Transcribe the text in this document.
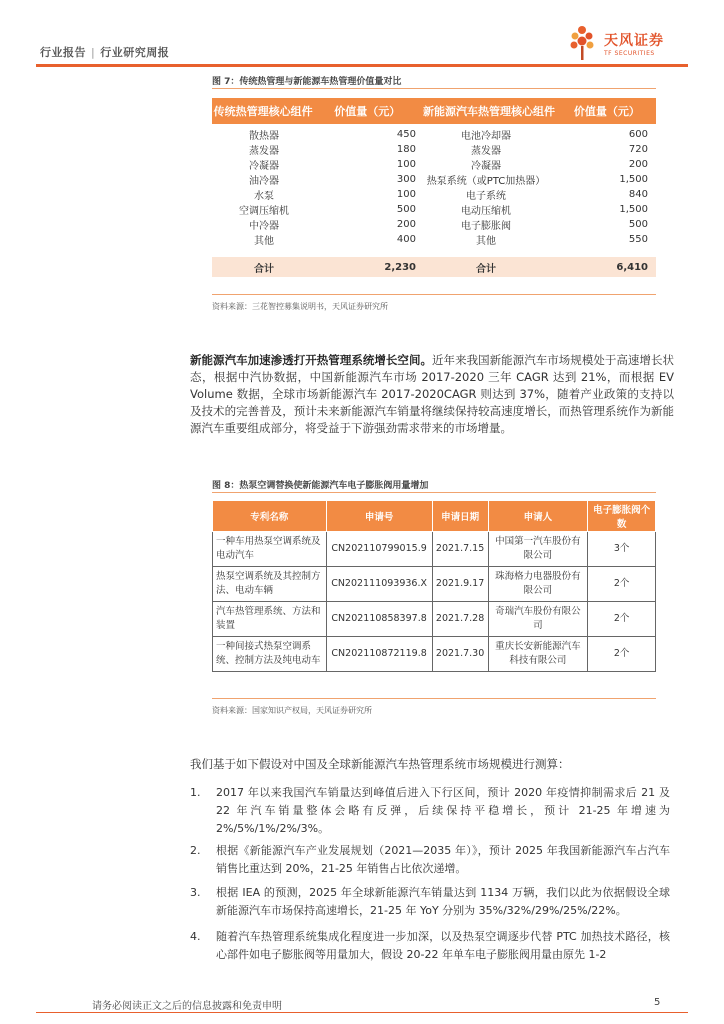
行业报告 | 行业研究周报
天风证券
TF SECURITIES
图 7：传统热管理与新能源车热管理价值量对比
传统热管理核心组件	价值量（元）	新能源汽车热管理核心组件	价值量（元）
散热器	450	电池冷却器	600
蒸发器	180	蒸发器	720
冷凝器	100	冷凝器	200
油冷器	300	热泵系统（或PTC加热器）	1,500
水泵	100	电子系统	840
空调压缩机	500	电动压缩机	1,500
中冷器	200	电子膨胀阀	500
其他	400	其他	550
合计	2,230	合计	6,410
资料来源：三花智控募集说明书，天风证券研究所
新能源汽车加速渗透打开热管理系统增长空间。近年来我国新能源汽车市场规模处于高速增长状态，根据中汽协数据，中国新能源汽车市场 2017-2020 三年 CAGR 达到 21%，而根据 EV Volume 数据，全球市场新能源汽车 2017-2020CAGR 则达到 37%，随着产业政策的支持以及技术的完善普及，预计未来新能源汽车销量将继续保持较高速度增长，而热管理系统作为新能源汽车重要组成部分，将受益于下游强劲需求带来的市场增量。
图 8：热泵空调替换使新能源汽车电子膨胀阀用量增加
专利名称	申请号	申请日期	申请人	电子膨胀阀个数
一种车用热泵空调系统及电动汽车	CN202110799015.9	2021.7.15	中国第一汽车股份有限公司	3个
热泵空调系统及其控制方法、电动车辆	CN202111093936.X	2021.9.17	珠海格力电器股份有限公司	2个
汽车热管理系统、方法和装置	CN202110858397.8	2021.7.28	奇瑞汽车股份有限公司	2个
一种间接式热泵空调系统、控制方法及纯电动车	CN202110872119.8	2021.7.30	重庆长安新能源汽车科技有限公司	2个
资料来源：国家知识产权局，天风证券研究所
我们基于如下假设对中国及全球新能源汽车热管理系统市场规模进行测算：
1. 2017 年以来我国汽车销量达到峰值后进入下行区间，预计 2020 年疫情抑制需求后 21 及 22 年汽车销量整体会略有反弹，后续保持平稳增长，预计 21-25 年增速为 2%/5%/1%/2%/3%。
2. 根据《新能源汽车产业发展规划（2021—2035 年）》，预计 2025 年我国新能源汽车占汽车销售比重达到 20%，21-25 年销售占比依次递增。
3. 根据 IEA 的预测，2025 年全球新能源汽车销量达到 1134 万辆，我们以此为依据假设全球新能源汽车市场保持高速增长，21-25 年 YoY 分别为 35%/32%/29%/25%/22%。
4. 随着汽车热管理系统集成化程度进一步加深，以及热泵空调逐步代替 PTC 加热技术路径，核心部件如电子膨胀阀等用量加大，假设 20-22 年单车电子膨胀阀用量由原先 1-2
请务必阅读正文之后的信息披露和免责申明	5
